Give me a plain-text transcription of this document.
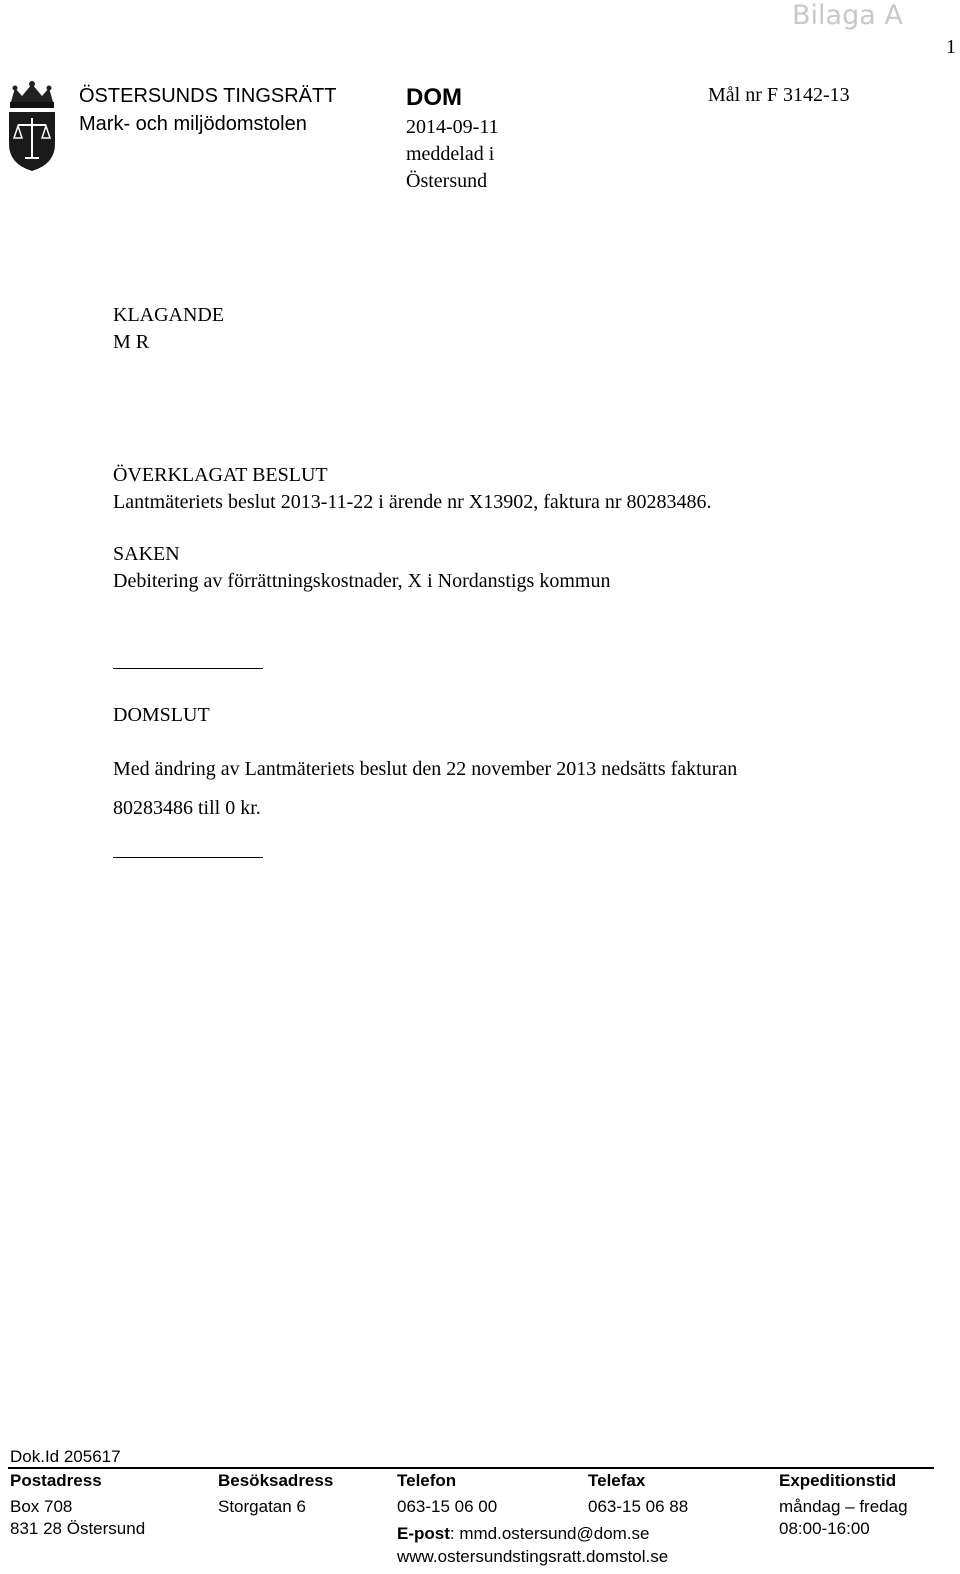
Bilaga A
1
ÖSTERSUNDS TINGSRÄTT
Mark- och miljödomstolen
DOM
2014-09-11
meddelad i
Östersund
Mål nr F 3142-13
KLAGANDE
M R
ÖVERKLAGAT BESLUT
Lantmäteriets beslut 2013-11-22 i ärende nr X13902, faktura nr 80283486.
SAKEN
Debitering av förrättningskostnader, X i Nordanstigs kommun
DOMSLUT
Med ändring av Lantmäteriets beslut den 22 november 2013 nedsätts fakturan
80283486 till 0 kr.
Dok.Id 205617
Postadress
Box 708
831 28 Östersund
Besöksadress
Storgatan 6
Telefon
063-15 06 00
E-post: mmd.ostersund@dom.se
www.ostersundstingsratt.domstol.se
Telefax
063-15 06 88
Expeditionstid
måndag – fredag
08:00-16:00
